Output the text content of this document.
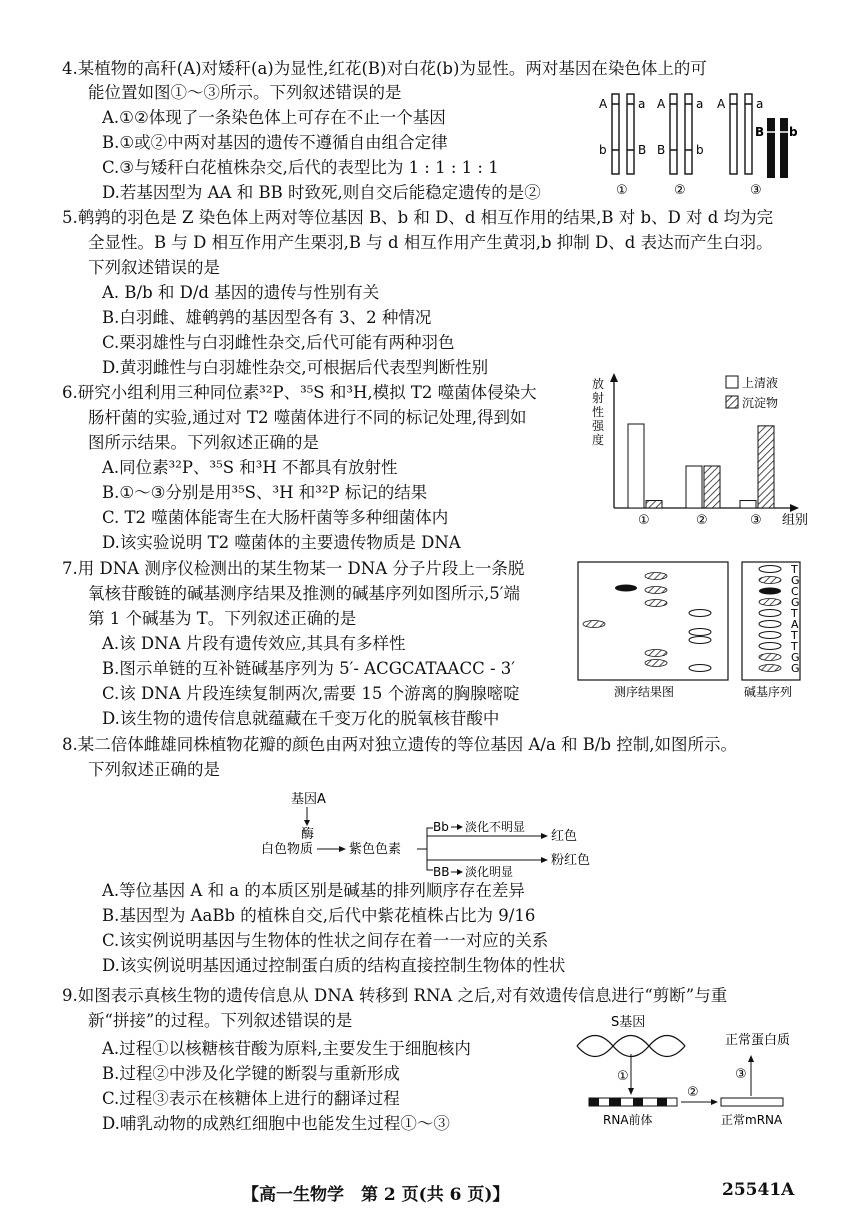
4.某植物的高秆(A)对矮秆(a)为显性,红花(B)对白花(b)为显性。两对基因在染色体上的可
能位置如图①～③所示。下列叙述错误的是
A.①②体现了一条染色体上可存在不止一个基因
B.①或②中两对基因的遗传不遵循自由组合定律
C.③与矮秆白花植株杂交,后代的表型比为 1 : 1 : 1 : 1
D.若基因型为 AA 和 BB 时致死,则自交后能稳定遗传的是②
A	a
b	B
①
A	a
B	b
②
A	a
B b
③
5.鹌鹑的羽色是 Z 染色体上两对等位基因 B、b 和 D、d 相互作用的结果,B 对 b、D 对 d 均为完
全显性。B 与 D 相互作用产生栗羽,B 与 d 相互作用产生黄羽,b 抑制 D、d 表达而产生白羽。
下列叙述错误的是
A. B/b 和 D/d 基因的遗传与性别有关
B.白羽雌、雄鹌鹑的基因型各有 3、2 种情况
C.栗羽雄性与白羽雌性杂交,后代可能有两种羽色
D.黄羽雌性与白羽雄性杂交,可根据后代表型判断性别
6.研究小组利用三种同位素³²P、³⁵S 和³H,模拟 T2 噬菌体侵染大
肠杆菌的实验,通过对 T2 噬菌体进行不同的标记处理,得到如
图所示结果。下列叙述正确的是
A.同位素³²P、³⁵S 和³H 不都具有放射性
B.①～③分别是用³⁵S、³H 和³²P 标记的结果
C. T2 噬菌体能寄生在大肠杆菌等多种细菌体内
D.该实验说明 T2 噬菌体的主要遗传物质是 DNA
放
射
性
强
度
组别
①	②	③
上清液
沉淀物
7.用 DNA 测序仪检测出的某生物某一 DNA 分子片段上一条脱
氧核苷酸链的碱基测序结果及推测的碱基序列如图所示,5′端
第 1 个碱基为 T。下列叙述正确的是
A.该 DNA 片段有遗传效应,其具有多样性
B.图示单链的互补链碱基序列为 5′- ACGCATAACC - 3′
C.该 DNA 片段连续复制两次,需要 15 个游离的胸腺嘧啶
D.该生物的遗传信息就蕴藏在千变万化的脱氧核苷酸中
T
G
C
G
T
A
T
T
G
G
测序结果图	碱基序列
8.某二倍体雌雄同株植物花瓣的颜色由两对独立遗传的等位基因 A/a 和 B/b 控制,如图所示。
下列叙述正确的是
基因A
酶
白色物质	紫色色素
Bb 淡化不明显
红色
粉红色
BB 淡化明显
A.等位基因 A 和 a 的本质区别是碱基的排列顺序存在差异
B.基因型为 AaBb 的植株自交,后代中紫花植株占比为 9/16
C.该实例说明基因与生物体的性状之间存在着一一对应的关系
D.该实例说明基因通过控制蛋白质的结构直接控制生物体的性状
9.如图表示真核生物的遗传信息从 DNA 转移到 RNA 之后,对有效遗传信息进行“剪断”与重
新“拼接”的过程。下列叙述错误的是
A.过程①以核糖核苷酸为原料,主要发生于细胞核内
B.过程②中涉及化学键的断裂与重新形成
C.过程③表示在核糖体上进行的翻译过程
D.哺乳动物的成熟红细胞中也能发生过程①～③
S基因
①
RNA前体
②
正常mRNA
③
正常蛋白质
【高一生物学　第 2 页(共 6 页)】	25541A
